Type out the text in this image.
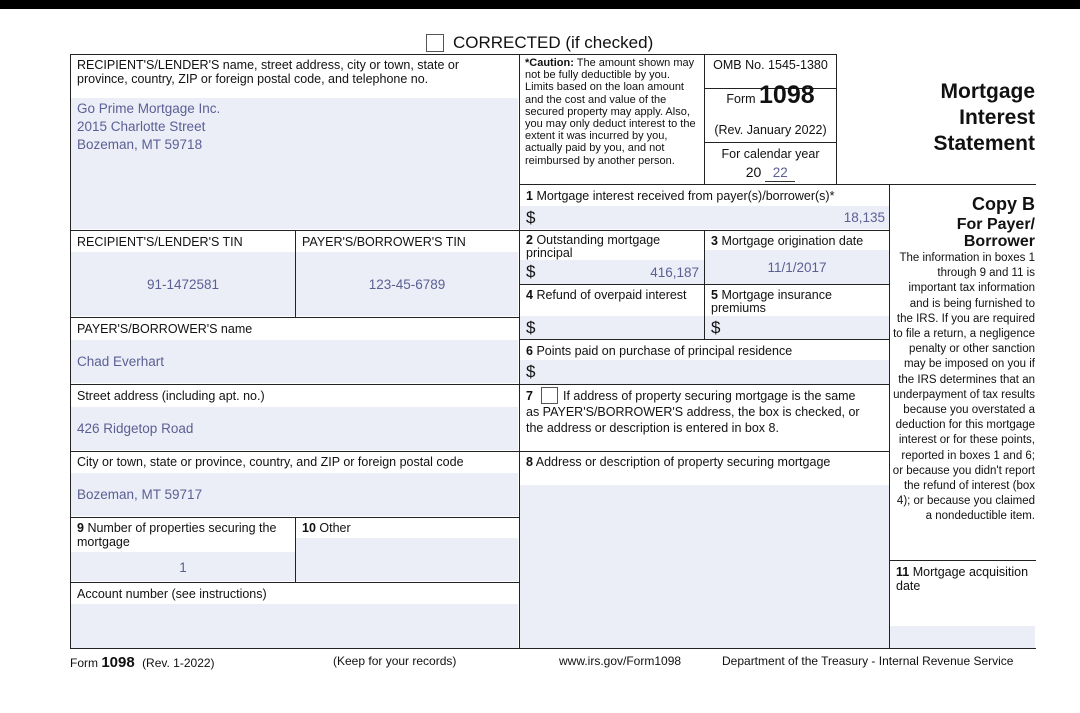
CORRECTED (if checked)
RECIPIENT'S/LENDER'S name, street address, city or town, state or province, country, ZIP or foreign postal code, and telephone no.
Go Prime Mortgage Inc.
2015 Charlotte Street
Bozeman, MT 59718
RECIPIENT'S/LENDER'S TIN
91-1472581
PAYER'S/BORROWER'S TIN
123-45-6789
PAYER'S/BORROWER'S name
Chad Everhart
Street address (including apt. no.)
426 Ridgetop Road
City or town, state or province, country, and ZIP or foreign postal code
Bozeman, MT 59717
9 Number of properties securing the mortgage
1
10 Other
Account number (see instructions)
*Caution: The amount shown may not be fully deductible by you. Limits based on the loan amount and the cost and value of the secured property may apply. Also, you may only deduct interest to the extent it was incurred by you, actually paid by you, and not reimbursed by another person.
OMB No. 1545-1380
Form 1098
(Rev. January 2022)
For calendar year
20 22
Mortgage
Interest
Statement
1 Mortgage interest received from payer(s)/borrower(s)*
$	18,135
2 Outstanding mortgage principal
$	416,187
3 Mortgage origination date
11/1/2017
4 Refund of overpaid interest
$
5 Mortgage insurance premiums
$
6 Points paid on purchase of principal residence
$
7 If address of property securing mortgage is the same
as PAYER'S/BORROWER'S address, the box is checked, or
the address or description is entered in box 8.
8 Address or description of property securing mortgage
Copy B
For Payer/
Borrower
The information in boxes 1 through 9 and 11 is important tax information and is being furnished to the IRS. If you are required to file a return, a negligence penalty or other sanction may be imposed on you if the IRS determines that an underpayment of tax results because you overstated a deduction for this mortgage interest or for these points, reported in boxes 1 and 6; or because you didn't report the refund of interest (box 4); or because you claimed a nondeductible item.
11 Mortgage acquisition date
Form 1098 (Rev. 1-2022)	(Keep for your records)	www.irs.gov/Form1098	Department of the Treasury - Internal Revenue Service
